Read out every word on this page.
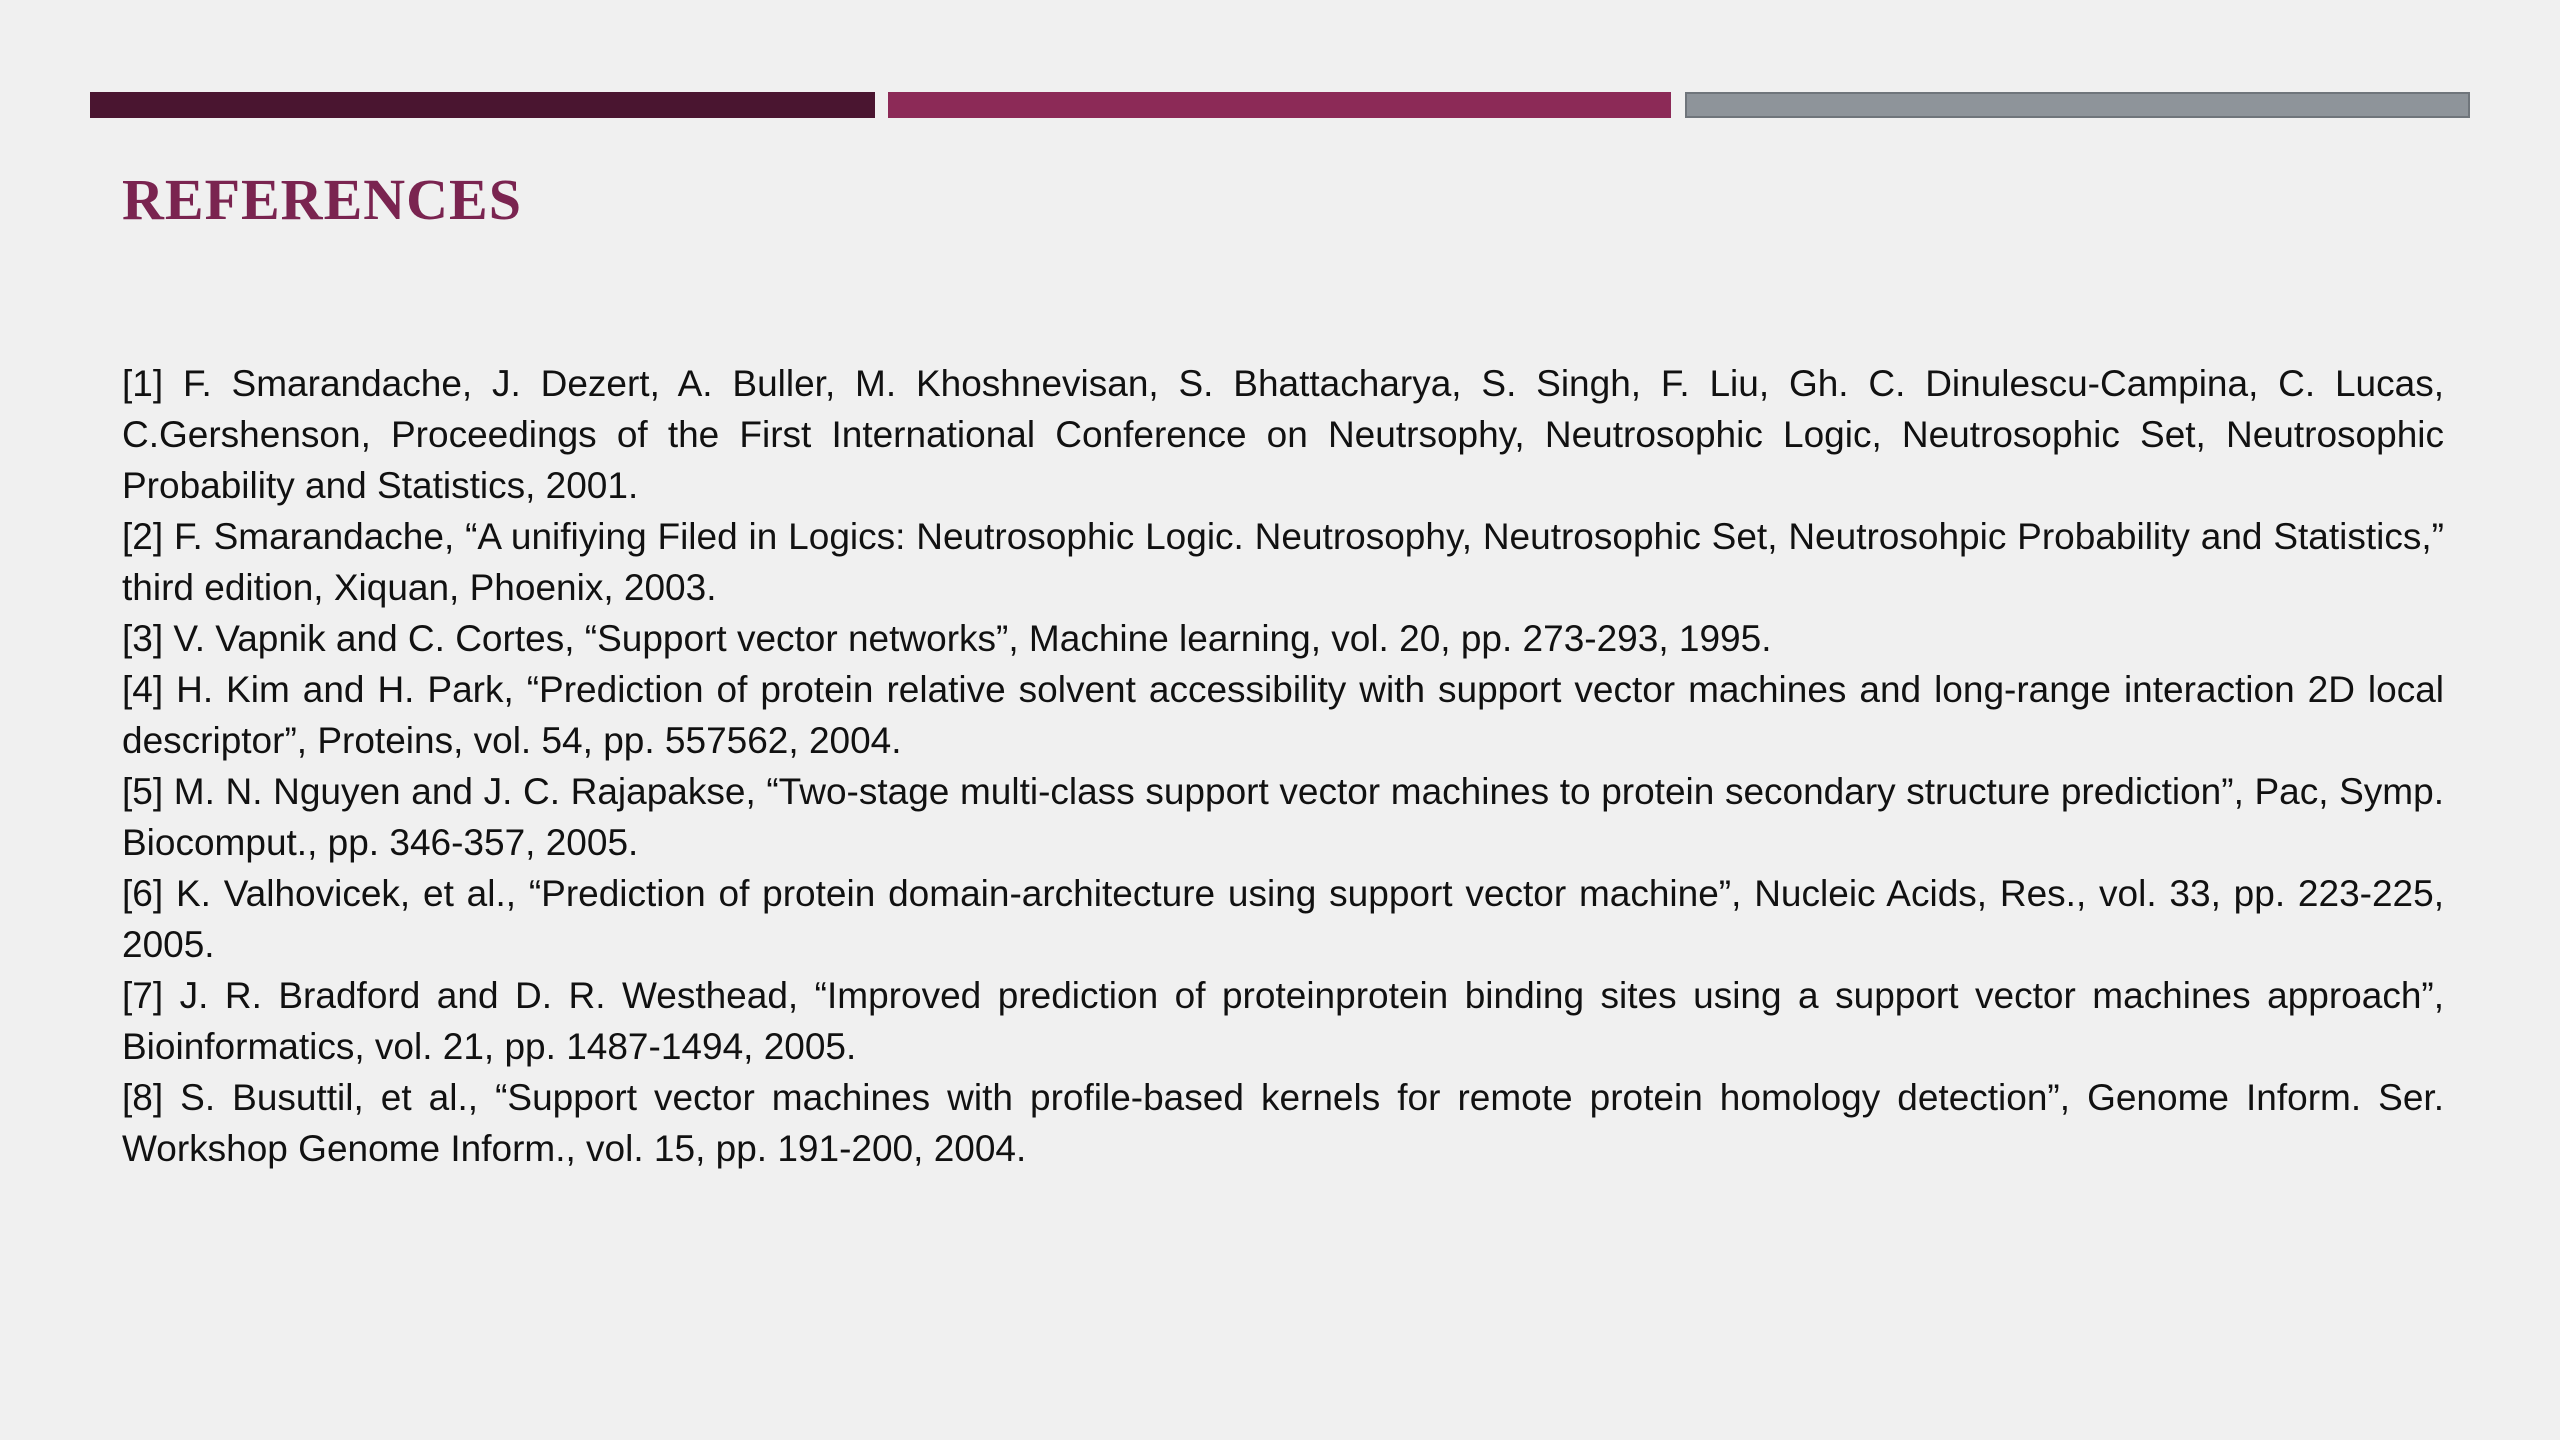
REFERENCES
[1] F. Smarandache, J. Dezert, A. Buller, M. Khoshnevisan, S. Bhattacharya, S. Singh, F. Liu, Gh. C. Dinulescu-Campina, C. Lucas, C.Gershenson, Proceedings of the First International Conference on Neutrsophy, Neutrosophic Logic, Neutrosophic Set, Neutrosophic Probability and Statistics, 2001.
[2] F. Smarandache, “A unifiying Filed in Logics: Neutrosophic Logic. Neutrosophy, Neutrosophic Set, Neutrosohpic Probability and Statistics,” third edition, Xiquan, Phoenix, 2003.
[3] V. Vapnik and C. Cortes, “Support vector networks”, Machine learning, vol. 20, pp. 273-293, 1995.
[4] H. Kim and H. Park, “Prediction of protein relative solvent accessibility with support vector machines and long-range interaction 2D local descriptor”, Proteins, vol. 54, pp. 557562, 2004.
[5] M. N. Nguyen and J. C. Rajapakse, “Two-stage multi-class support vector machines to protein secondary structure prediction”, Pac, Symp. Biocomput., pp. 346-357, 2005.
[6] K. Valhovicek, et al., “Prediction of protein domain-architecture using support vector machine”, Nucleic Acids, Res., vol. 33, pp. 223-225, 2005.
[7] J. R. Bradford and D. R. Westhead, “Improved prediction of proteinprotein binding sites using a support vector machines approach”, Bioinformatics, vol. 21, pp. 1487-1494, 2005.
[8] S. Busuttil, et al., “Support vector machines with profile-based kernels for remote protein homology detection”, Genome Inform. Ser. Workshop Genome Inform., vol. 15, pp. 191-200, 2004.
